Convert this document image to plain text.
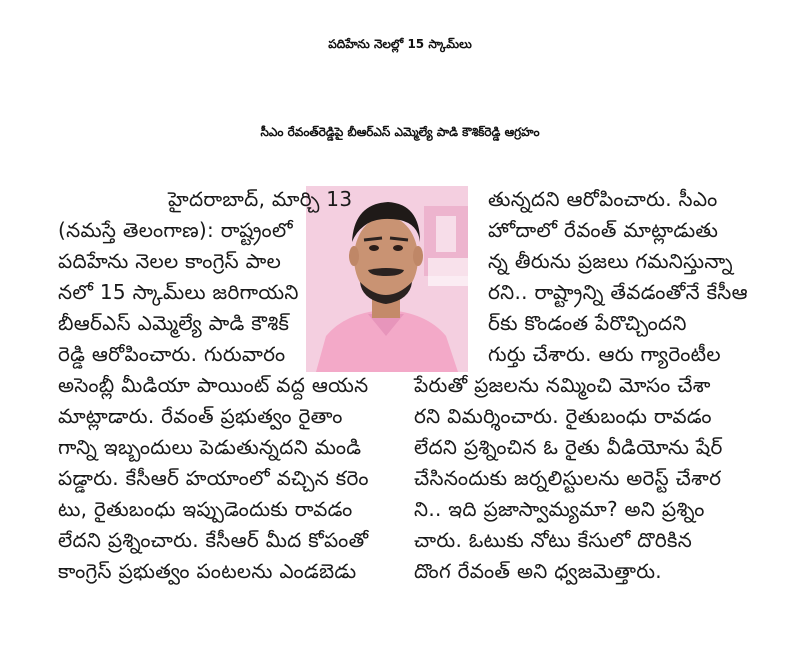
పదిహేను నెలల్లో 15 స్కామ్‌లు
సీఎం రేవంత్‌రెడ్డిపై బీఆర్‌ఎస్ ఎమ్మెల్యే పాడి కౌశిక్‌రెడ్డి ఆగ్రహం
హైదరాబాద్, మార్చి 13
(నమస్తే తెలంగాణ): రాష్ట్రంలో
పదిహేను నెలల కాంగ్రెస్ పాల
నలో 15 స్కామ్‌లు జరిగాయని
బీఆర్‌ఎస్ ఎమ్మెల్యే పాడి కౌశిక్
రెడ్డి ఆరోపించారు. గురువారం
అసెంబ్లీ మీడియా పాయింట్ వద్ద ఆయన
మాట్లాడారు. రేవంత్ ప్రభుత్వం రైతాం
గాన్ని ఇబ్బందులు పెడుతున్నదని మండి
పడ్డారు. కేసీఆర్ హయాంలో వచ్చిన కరెం
టు, రైతుబంధు ఇప్పుడెందుకు రావడం
లేదని ప్రశ్నించారు. కేసీఆర్ మీద కోపంతో
కాంగ్రెస్ ప్రభుత్వం పంటలను ఎండబెడు
తున్నదని ఆరోపించారు. సీఎం
హోదాలో రేవంత్ మాట్లాడుతు
న్న తీరును ప్రజలు గమనిస్తున్నా
రని.. రాష్ట్రాన్ని తేవడంతోనే కేసీఆ
ర్‌కు కొండంత పేరొచ్చిందని
గుర్తు చేశారు. ఆరు గ్యారెంటీల
పేరుతో ప్రజలను నమ్మించి మోసం చేశా
రని విమర్శించారు. రైతుబంధు రావడం
లేదని ప్రశ్నించిన ఓ రైతు వీడియోను షేర్
చేసినందుకు జర్నలిస్టులను అరెస్ట్ చేశార
ని.. ఇది ప్రజాస్వామ్యమా? అని ప్రశ్నిం
చారు. ఓటుకు నోటు కేసులో దొరికిన
దొంగ రేవంత్ అని ధ్వజమెత్తారు.
